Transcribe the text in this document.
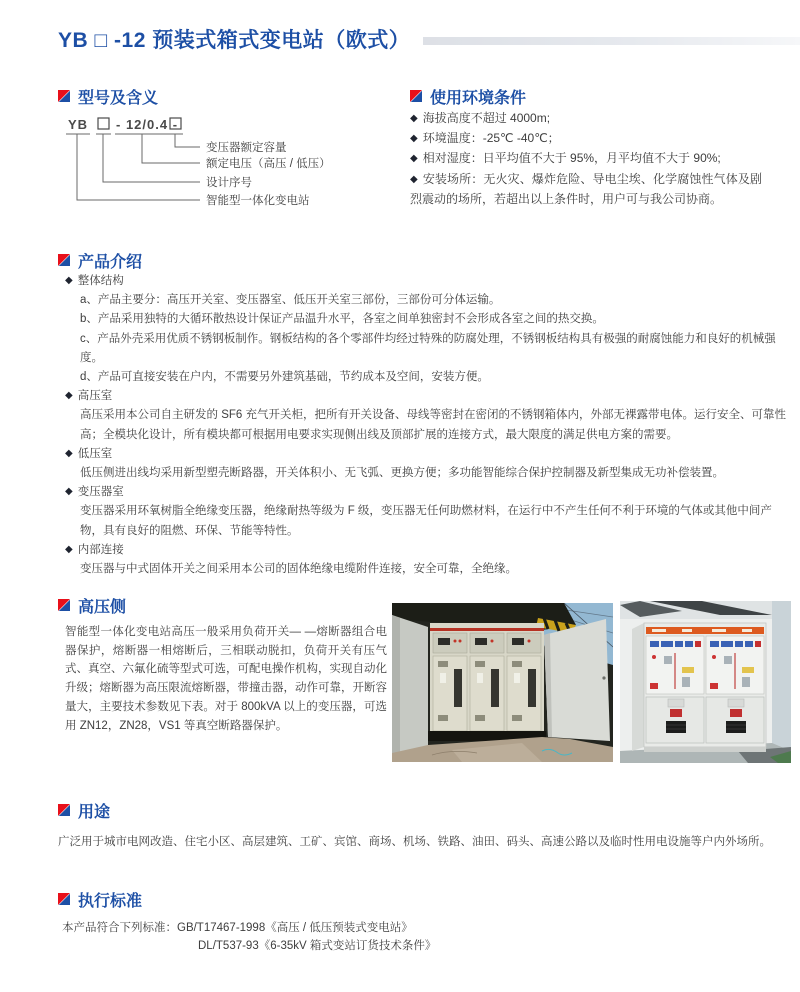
YB □ -12 预装式箱式变电站（欧式）
型号及含义
YB - 12/0.4 -
变压器额定容量
额定电压（高压 / 低压）
设计序号
智能型一体化变电站
使用环境条件
◆ 海拔高度不超过 4000m;
◆ 环境温度：-25℃ -40℃；
◆ 相对湿度：日平均值不大于 95%，月平均值不大于 90%;
◆ 安装场所：无火灾、爆炸危险、导电尘埃、化学腐蚀性气体及剧烈震动的场所，若超出以上条件时，用户可与我公司协商。
产品介绍
◆ 整体结构
a、产品主要分：高压开关室、变压器室、低压开关室三部份，三部份可分体运输。
b、产品采用独特的大循环散热设计保证产品温升水平，各室之间单独密封不会形成各室之间的热交换。
c、产品外壳采用优质不锈钢板制作。钢板结构的各个零部件均经过特殊的防腐处理，不锈钢板结构具有极强的耐腐蚀能力和良好的机械强度。
d、产品可直接安装在户内，不需要另外建筑基础，节约成本及空间，安装方便。
◆ 高压室
高压采用本公司自主研发的 SF6 充气开关柜，把所有开关设备、母线等密封在密闭的不锈钢箱体内，外部无裸露带电体。运行安全、可靠性高；全模块化设计，所有模块都可根据用电要求实现侧出线及顶部扩展的连接方式，最大限度的满足供电方案的需要。
◆ 低压室
低压侧进出线均采用新型塑壳断路器，开关体积小、无飞弧、更换方便；多功能智能综合保护控制器及新型集成无功补偿装置。
◆ 变压器室
变压器采用环氧树脂全绝缘变压器，绝缘耐热等级为 F 级，变压器无任何助燃材料，在运行中不产生任何不利于环境的气体或其他中间产物，具有良好的阻燃、环保、节能等特性。
◆ 内部连接
变压器与中式固体开关之间采用本公司的固体绝缘电缆附件连接，安全可靠，全绝缘。
高压侧
智能型一体化变电站高压一般采用负荷开关— —熔断器组合电器保护，熔断器一相熔断后，三相联动脱扣，负荷开关有压气式、真空、六氟化硫等型式可选，可配电操作机构，实现自动化升级；熔断器为高压限流熔断器，带撞击器，动作可靠，开断容量大，主要技术参数见下表。对于 800kVA 以上的变压器，可选用 ZN12，ZN28，VS1 等真空断路器保护。
用途
广泛用于城市电网改造、住宅小区、高层建筑、工矿、宾馆、商场、机场、铁路、油田、码头、高速公路以及临时性用电设施等户内外场所。
执行标准
本产品符合下列标准：GB/T17467-1998《高压 / 低压预装式变电站》
DL/T537-93《6-35kV 箱式变站订货技术条件》
